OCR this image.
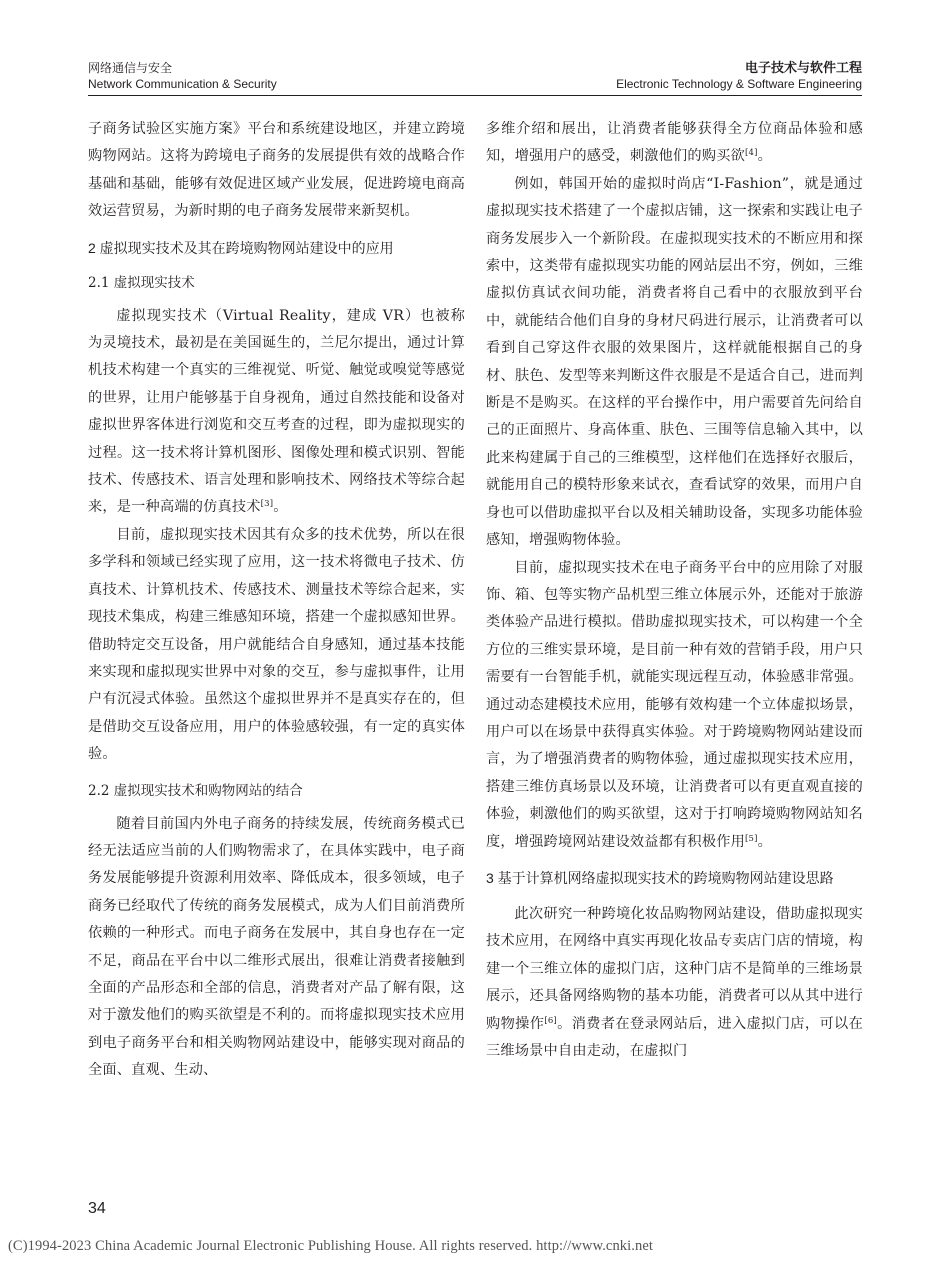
网络通信与安全
Network Communication & Security
电子技术与软件工程
Electronic Technology & Software Engineering

子商务试验区实施方案》平台和系统建设地区，并建立跨境购物网站。这将为跨境电子商务的发展提供有效的战略合作基础和基础，能够有效促进区域产业发展，促进跨境电商高效运营贸易，为新时期的电子商务发展带来新契机。

2 虚拟现实技术及其在跨境购物网站建设中的应用
2.1 虚拟现实技术

虚拟现实技术（Virtual Reality，建成 VR）也被称为灵境技术，最初是在美国诞生的，兰尼尔提出，通过计算机技术构建一个真实的三维视觉、听觉、触觉或嗅觉等感觉的世界，让用户能够基于自身视角，通过自然技能和设备对虚拟世界客体进行浏览和交互考查的过程，即为虚拟现实的过程。这一技术将计算机图形、图像处理和模式识别、智能技术、传感技术、语言处理和影响技术、网络技术等综合起来，是一种高端的仿真技术[3]。

目前，虚拟现实技术因其有众多的技术优势，所以在很多学科和领域已经实现了应用，这一技术将微电子技术、仿真技术、计算机技术、传感技术、测量技术等综合起来，实现技术集成，构建三维感知环境，搭建一个虚拟感知世界。借助特定交互设备，用户就能结合自身感知，通过基本技能来实现和虚拟现实世界中对象的交互，参与虚拟事件，让用户有沉浸式体验。虽然这个虚拟世界并不是真实存在的，但是借助交互设备应用，用户的体验感较强，有一定的真实体验。

2.2 虚拟现实技术和购物网站的结合

随着目前国内外电子商务的持续发展，传统商务模式已经无法适应当前的人们购物需求了，在具体实践中，电子商务发展能够提升资源利用效率、降低成本，很多领域，电子商务已经取代了传统的商务发展模式，成为人们目前消费所依赖的一种形式。而电子商务在发展中，其自身也存在一定不足，商品在平台中以二维形式展出，很难让消费者接触到全面的产品形态和全部的信息，消费者对产品了解有限，这对于激发他们的购买欲望是不利的。而将虚拟现实技术应用到电子商务平台和相关购物网站建设中，能够实现对商品的全面、直观、生动、

多维介绍和展出，让消费者能够获得全方位商品体验和感知，增强用户的感受，刺激他们的购买欲[4]。

例如，韩国开始的虚拟时尚店“I-Fashion”，就是通过虚拟现实技术搭建了一个虚拟店铺，这一探索和实践让电子商务发展步入一个新阶段。在虚拟现实技术的不断应用和探索中，这类带有虚拟现实功能的网站层出不穷，例如，三维虚拟仿真试衣间功能，消费者将自己看中的衣服放到平台中，就能结合他们自身的身材尺码进行展示，让消费者可以看到自己穿这件衣服的效果图片，这样就能根据自己的身材、肤色、发型等来判断这件衣服是不是适合自己，进而判断是不是购买。在这样的平台操作中，用户需要首先问给自己的正面照片、身高体重、肤色、三围等信息输入其中，以此来构建属于自己的三维模型，这样他们在选择好衣服后，就能用自己的模特形象来试衣，查看试穿的效果，而用户自身也可以借助虚拟平台以及相关辅助设备，实现多功能体验感知，增强购物体验。

目前，虚拟现实技术在电子商务平台中的应用除了对服饰、箱、包等实物产品机型三维立体展示外，还能对于旅游类体验产品进行模拟。借助虚拟现实技术，可以构建一个全方位的三维实景环境，是目前一种有效的营销手段，用户只需要有一台智能手机，就能实现远程互动，体验感非常强。通过动态建模技术应用，能够有效构建一个立体虚拟场景，用户可以在场景中获得真实体验。对于跨境购物网站建设而言，为了增强消费者的购物体验，通过虚拟现实技术应用，搭建三维仿真场景以及环境，让消费者可以有更直观直接的体验，刺激他们的购买欲望，这对于打响跨境购物网站知名度，增强跨境网站建设效益都有积极作用[5]。

3 基于计算机网络虚拟现实技术的跨境购物网站建设思路

此次研究一种跨境化妆品购物网站建设，借助虚拟现实技术应用，在网络中真实再现化妆品专卖店门店的情境，构建一个三维立体的虚拟门店，这种门店不是简单的三维场景展示，还具备网络购物的基本功能，消费者可以从其中进行购物操作[6]。消费者在登录网站后，进入虚拟门店，可以在三维场景中自由走动，在虚拟门

34
(C)1994-2023 China Academic Journal Electronic Publishing House. All rights reserved. http://www.cnki.net
